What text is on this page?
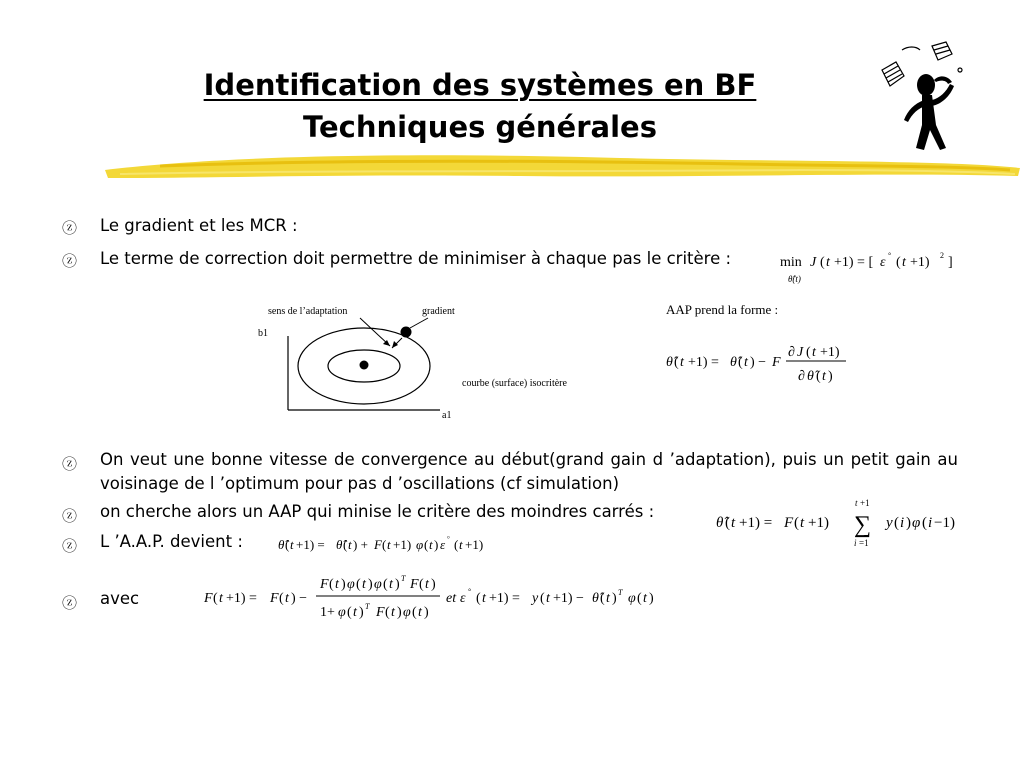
Identification des systèmes en BF
Techniques générales
ⓩ Le gradient et les MCR :
ⓩ Le terme de correction doit permettre de minimiser à chaque pas le critère :	min J ( t +1) = [ ε ° ( t +1) 2 ]
θ̂(t)
sens de l’adaptation	gradient
b1
a1
courbe (surface) isocritère
AAP prend la forme :
θ̂ ( t +1) = θ̂ ( t ) − F
∂ J ( t +1)
∂ θ̂ ( t )
ⓩ On veut une bonne vitesse de convergence au début(grand gain d ’adaptation), puis un petit gain au voisinage de l ’optimum pour pas d ’oscillations (cf simulation)
ⓩ on cherche alors un AAP qui minise le critère des moindres carrés :
θ̂ ( t +1) = F ( t +1)
t +1
∑
i =1
y ( i ) φ ( i −1)
ⓩ L ’A.A.P. devient :	θ̂ ( t +1) = θ̂ ( t ) + F ( t +1) φ ( t ) ε ° ( t +1)
ⓩ avec	F ( t +1) = F ( t ) −
F ( t ) φ ( t ) φ ( t ) T F ( t )
1+ φ ( t ) T F ( t ) φ ( t )
et ε ° ( t +1) = y ( t +1) − θ̂ ( t ) T φ ( t )
